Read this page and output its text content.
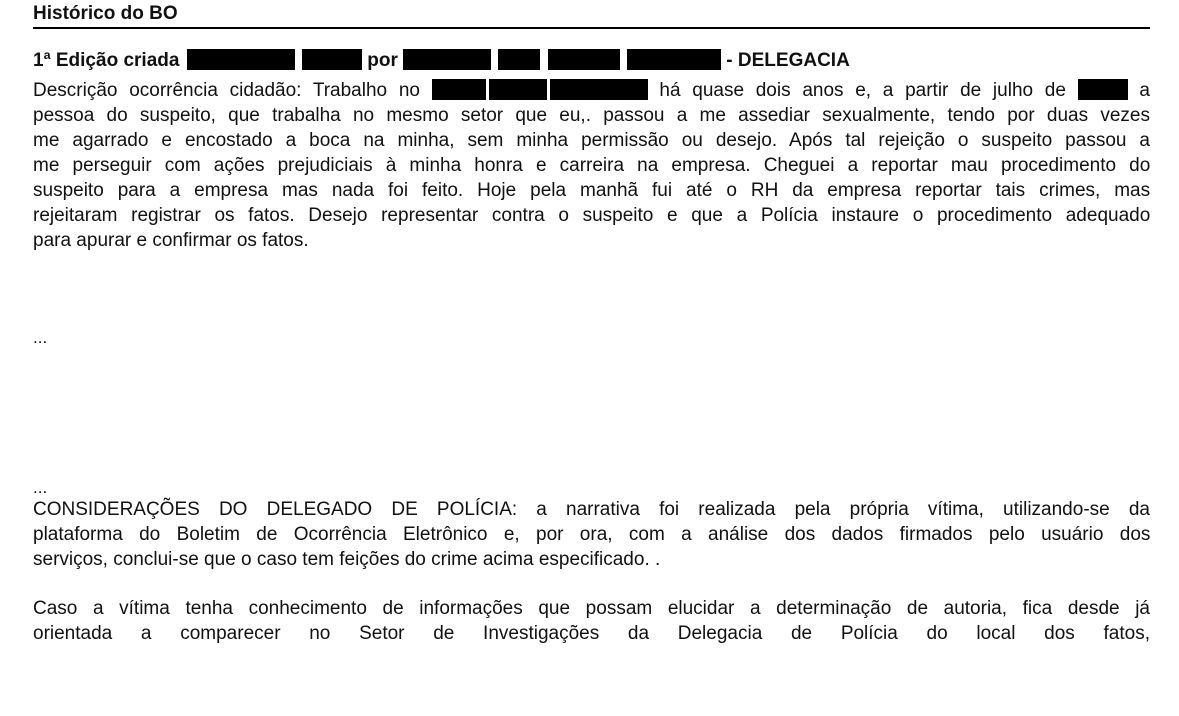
Histórico do BO
1ª Edição criada	por	- DELEGACIA
Descrição ocorrência cidadão: Trabalho no	há quase dois anos e, a partir de julho de	a
pessoa do suspeito, que trabalha no mesmo setor que eu,. passou a me assediar sexualmente, tendo por duas vezes
me agarrado e encostado a boca na minha, sem minha permissão ou desejo. Após tal rejeição o suspeito passou a
me perseguir com ações prejudiciais à minha honra e carreira na empresa. Cheguei a reportar mau procedimento do
suspeito para a empresa mas nada foi feito. Hoje pela manhã fui até o RH da empresa reportar tais crimes, mas
rejeitaram registrar os fatos. Desejo representar contra o suspeito e que a Polícia instaure o procedimento adequado
para apurar e confirmar os fatos.
...
...
CONSIDERAÇÕES DO DELEGADO DE POLÍCIA: a narrativa foi realizada pela própria vítima, utilizando-se da
plataforma do Boletim de Ocorrência Eletrônico e, por ora, com a análise dos dados firmados pelo usuário dos
serviços, conclui-se que o caso tem feições do crime acima especificado. .
Caso a vítima tenha conhecimento de informações que possam elucidar a determinação de autoria, fica desde já
orientada a comparecer no Setor de Investigações da Delegacia de Polícia do local dos fatos,
